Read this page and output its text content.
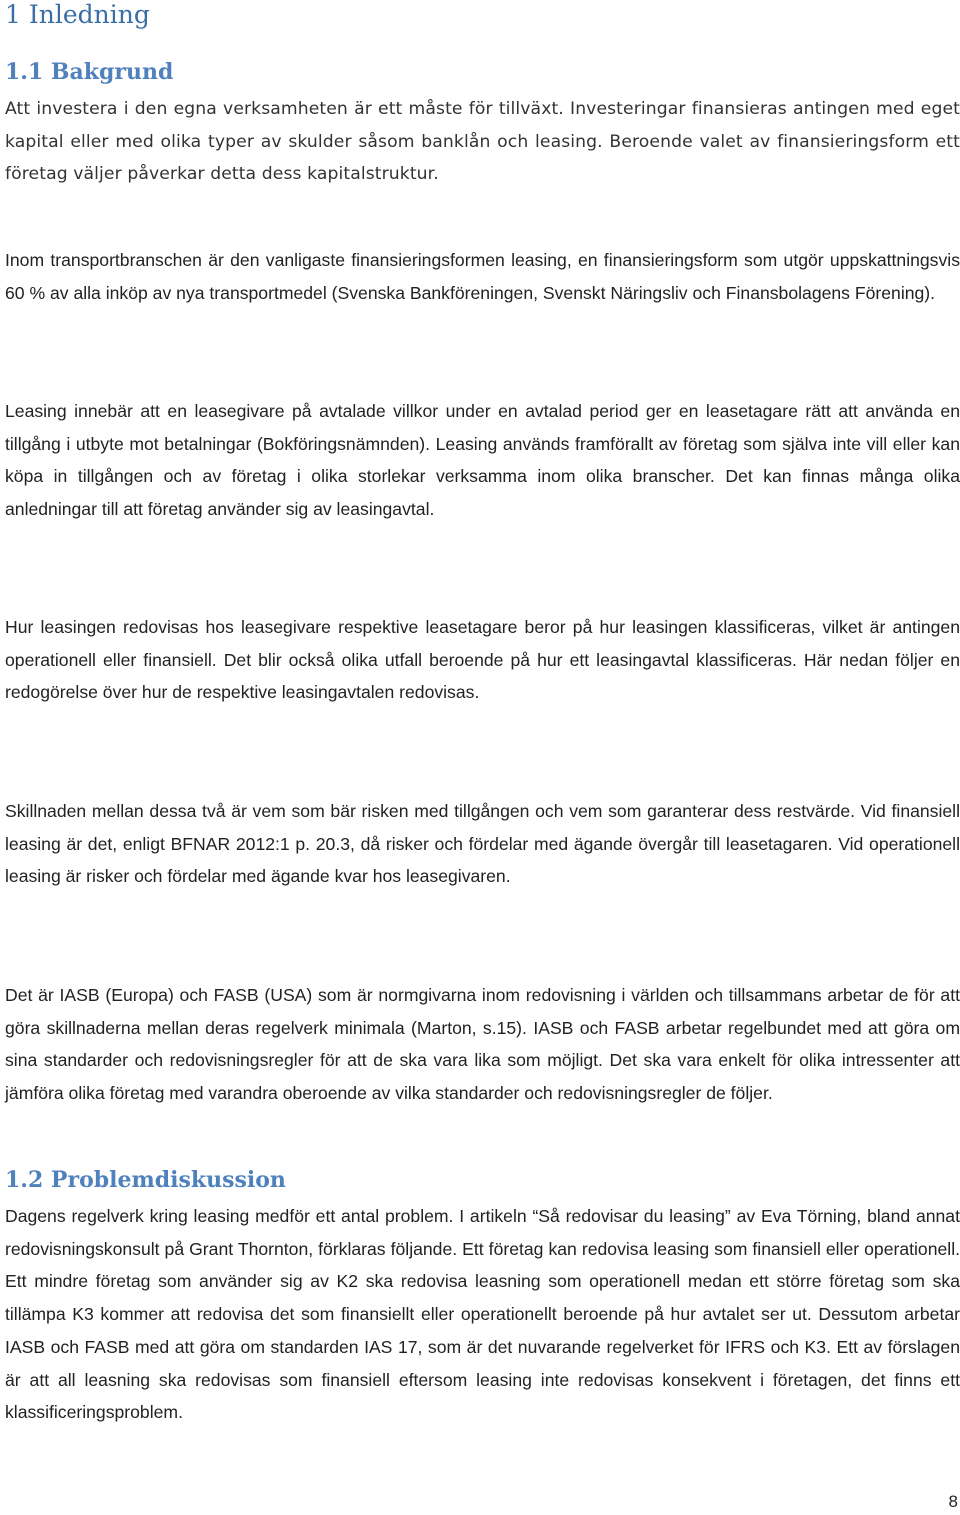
1 Inledning
1.1 Bakgrund

Att investera i den egna verksamheten är ett måste för tillväxt. Investeringar finansieras antingen med eget kapital eller med olika typer av skulder såsom banklån och leasing. Beroende valet av finansieringsform ett företag väljer påverkar detta dess kapitalstruktur.

Inom transportbranschen är den vanligaste finansieringsformen leasing, en finansieringsform som utgör uppskattningsvis 60 % av alla inköp av nya transportmedel (Svenska Bankföreningen, Svenskt Näringsliv och Finansbolagens Förening).

Leasing innebär att en leasegivare på avtalade villkor under en avtalad period ger en leasetagare rätt att använda en tillgång i utbyte mot betalningar (Bokföringsnämnden). Leasing används framförallt av företag som själva inte vill eller kan köpa in tillgången och av företag i olika storlekar verksamma inom olika branscher. Det kan finnas många olika anledningar till att företag använder sig av leasingavtal.

Hur leasingen redovisas hos leasegivare respektive leasetagare beror på hur leasingen klassificeras, vilket är antingen operationell eller finansiell. Det blir också olika utfall beroende på hur ett leasingavtal klassificeras. Här nedan följer en redogörelse över hur de respektive leasingavtalen redovisas.

Skillnaden mellan dessa två är vem som bär risken med tillgången och vem som garanterar dess restvärde. Vid finansiell leasing är det, enligt BFNAR 2012:1 p. 20.3, då risker och fördelar med ägande övergår till leasetagaren. Vid operationell leasing är risker och fördelar med ägande kvar hos leasegivaren.

Det är IASB (Europa) och FASB (USA) som är normgivarna inom redovisning i världen och tillsammans arbetar de för att göra skillnaderna mellan deras regelverk minimala (Marton, s.15). IASB och FASB arbetar regelbundet med att göra om sina standarder och redovisningsregler för att de ska vara lika som möjligt. Det ska vara enkelt för olika intressenter att jämföra olika företag med varandra oberoende av vilka standarder och redovisningsregler de följer.

1.2 Problemdiskussion

Dagens regelverk kring leasing medför ett antal problem. I artikeln “Så redovisar du leasing” av Eva Törning, bland annat redovisningskonsult på Grant Thornton, förklaras följande. Ett företag kan redovisa leasing som finansiell eller operationell. Ett mindre företag som använder sig av K2 ska redovisa leasning som operationell medan ett större företag som ska tillämpa K3 kommer att redovisa det som finansiellt eller operationellt beroende på hur avtalet ser ut. Dessutom arbetar IASB och FASB med att göra om standarden IAS 17, som är det nuvarande regelverket för IFRS och K3. Ett av förslagen är att all leasning ska redovisas som finansiell eftersom leasing inte redovisas konsekvent i företagen, det finns ett klassificeringsproblem.

8
